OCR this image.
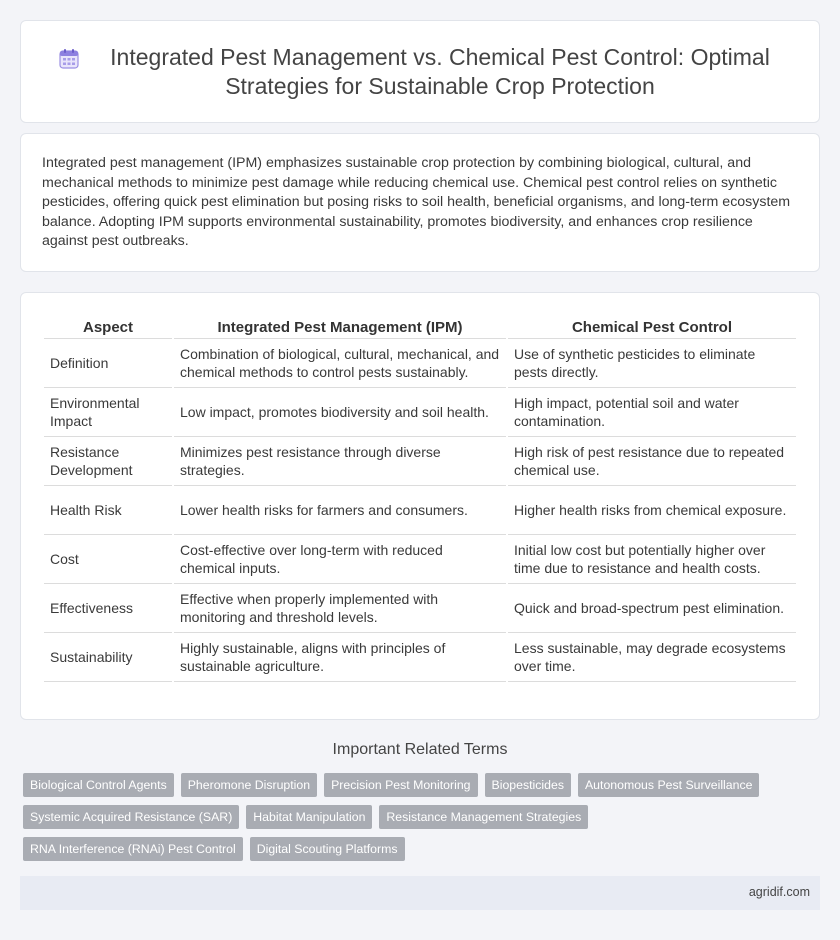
Integrated Pest Management vs. Chemical Pest Control: Optimal Strategies for Sustainable Crop Protection

Integrated pest management (IPM) emphasizes sustainable crop protection by combining biological, cultural, and mechanical methods to minimize pest damage while reducing chemical use. Chemical pest control relies on synthetic pesticides, offering quick pest elimination but posing risks to soil health, beneficial organisms, and long-term ecosystem balance. Adopting IPM supports environmental sustainability, promotes biodiversity, and enhances crop resilience against pest outbreaks.

Aspect	Integrated Pest Management (IPM)	Chemical Pest Control
Definition	Combination of biological, cultural, mechanical, and chemical methods to control pests sustainably.	Use of synthetic pesticides to eliminate pests directly.
Environmental Impact	Low impact, promotes biodiversity and soil health.	High impact, potential soil and water contamination.
Resistance Development	Minimizes pest resistance through diverse strategies.	High risk of pest resistance due to repeated chemical use.
Health Risk	Lower health risks for farmers and consumers.	Higher health risks from chemical exposure.
Cost	Cost-effective over long-term with reduced chemical inputs.	Initial low cost but potentially higher over time due to resistance and health costs.
Effectiveness	Effective when properly implemented with monitoring and threshold levels.	Quick and broad-spectrum pest elimination.
Sustainability	Highly sustainable, aligns with principles of sustainable agriculture.	Less sustainable, may degrade ecosystems over time.
Important Related Terms
Biological Control Agents	Pheromone Disruption	Precision Pest Monitoring	Biopesticides	Autonomous Pest Surveillance
Systemic Acquired Resistance (SAR)	Habitat Manipulation	Resistance Management Strategies
RNA Interference (RNAi) Pest Control	Digital Scouting Platforms
agridif.com
